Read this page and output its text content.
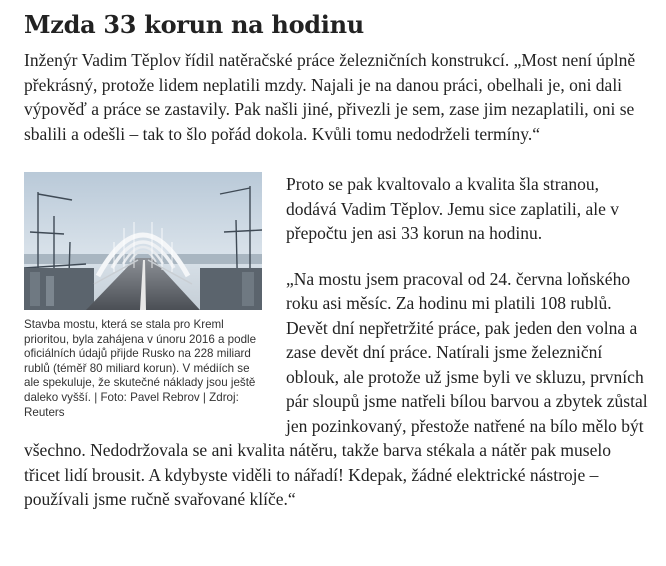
Mzda 33 korun na hodinu

Inženýr Vadim Těplov řídil natěračské práce železničních konstrukcí. „Most není úplně překrásný, protože lidem neplatili mzdy. Najali je na danou práci, obelhali je, oni dali výpověď a práce se zastavily. Pak našli jiné, přivezli je sem, zase jim nezaplatili, oni se sbalili a odešli – tak to šlo pořád dokola. Kvůli tomu nedodrželi termíny.“

Stavba mostu, která se stala pro Kreml prioritou, byla zahájena v únoru 2016 a podle oficiálních údajů přijde Rusko na 228 miliard rublů (téměř 80 miliard korun). V médiích se ale spekuluje, že skutečné náklady jsou ještě daleko vyšší. | Foto: Pavel Rebrov | Zdroj: Reuters

Proto se pak kvaltovalo a kvalita šla stranou, dodává Vadim Těplov. Jemu sice zaplatili, ale v přepočtu jen asi 33 korun na hodinu.

„Na mostu jsem pracoval od 24. června loňského roku asi měsíc. Za hodinu mi platili 108 rublů. Devět dní nepřetržité práce, pak jeden den volna a zase devět dní práce. Natírali jsme železniční oblouk, ale protože už jsme byli ve skluzu, prvních pár sloupů jsme natřeli bílou barvou a zbytek zůstal jen pozinkovaný, přestože natřené na bílo mělo být všechno. Nedodržovala se ani kvalita nátěru, takže barva stékala a nátěr pak muselo třicet lidí brousit. A kdybyste viděli to nářadí! Kdepak, žádné elektrické nástroje – používali jsme ručně svařované klíče.“
